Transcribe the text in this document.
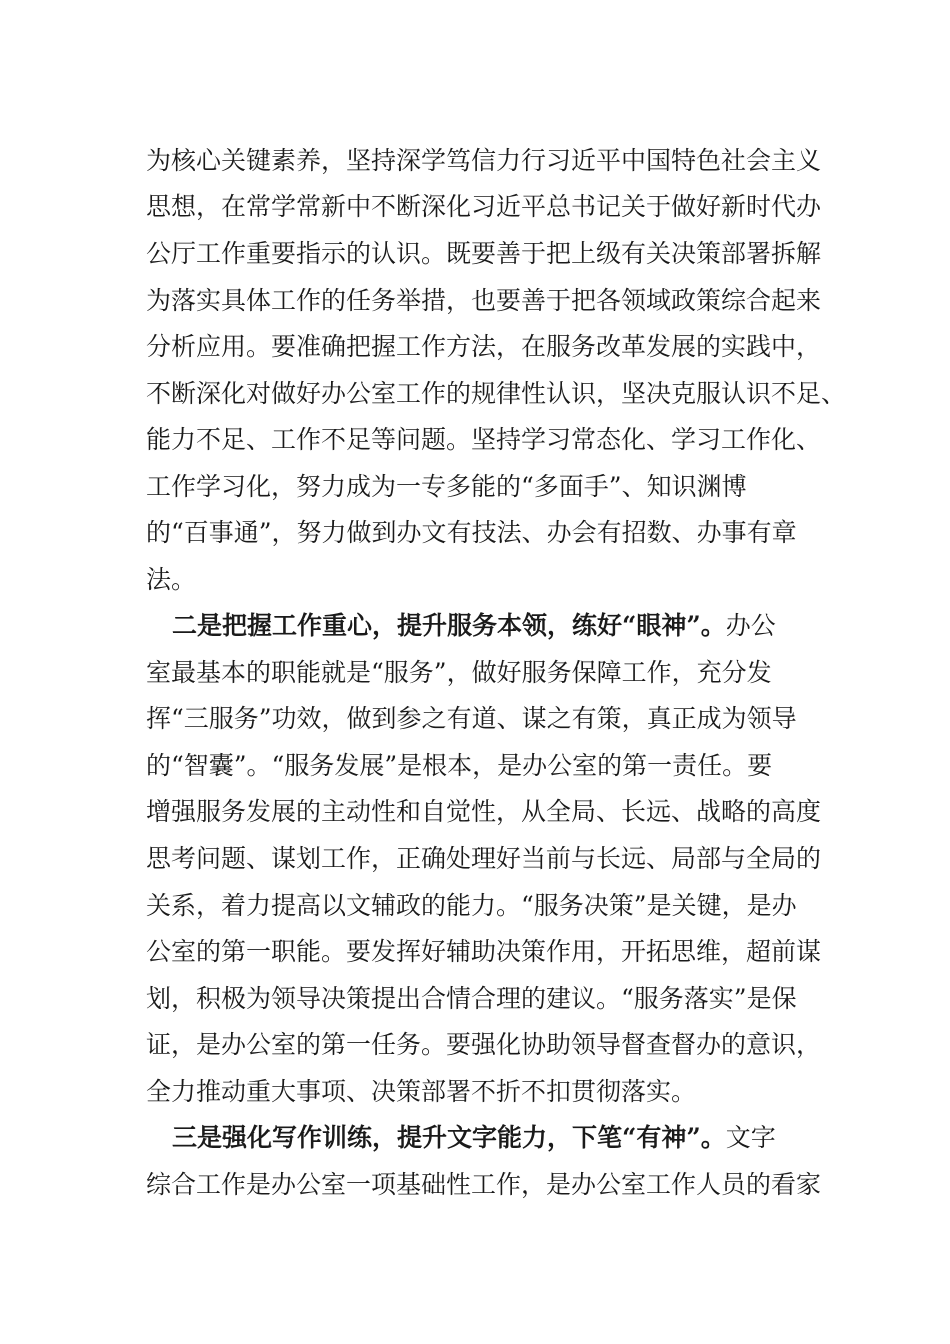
为核心关键素养，坚持深学笃信力行习近平中国特色社会主义
思想，在常学常新中不断深化习近平总书记关于做好新时代办
公厅工作重要指示的认识。既要善于把上级有关决策部署拆解
为落实具体工作的任务举措，也要善于把各领域政策综合起来
分析应用。要准确把握工作方法，在服务改革发展的实践中，
不断深化对做好办公室工作的规律性认识，坚决克服认识不足、
能力不足、工作不足等问题。坚持学习常态化、学习工作化、
工作学习化，努力成为一专多能的“多面手”、知识渊博
的“百事通”，努力做到办文有技法、办会有招数、办事有章
法。
二是把握工作重心，提升服务本领，练好“眼神”。办公
室最基本的职能就是“服务”，做好服务保障工作，充分发
挥“三服务”功效，做到参之有道、谋之有策，真正成为领导
的“智囊”。“服务发展”是根本，是办公室的第一责任。要
增强服务发展的主动性和自觉性，从全局、长远、战略的高度
思考问题、谋划工作，正确处理好当前与长远、局部与全局的
关系，着力提高以文辅政的能力。“服务决策”是关键，是办
公室的第一职能。要发挥好辅助决策作用，开拓思维，超前谋
划，积极为领导决策提出合情合理的建议。“服务落实”是保
证，是办公室的第一任务。要强化协助领导督查督办的意识，
全力推动重大事项、决策部署不折不扣贯彻落实。
三是强化写作训练，提升文字能力，下笔“有神”。文字
综合工作是办公室一项基础性工作，是办公室工作人员的看家
